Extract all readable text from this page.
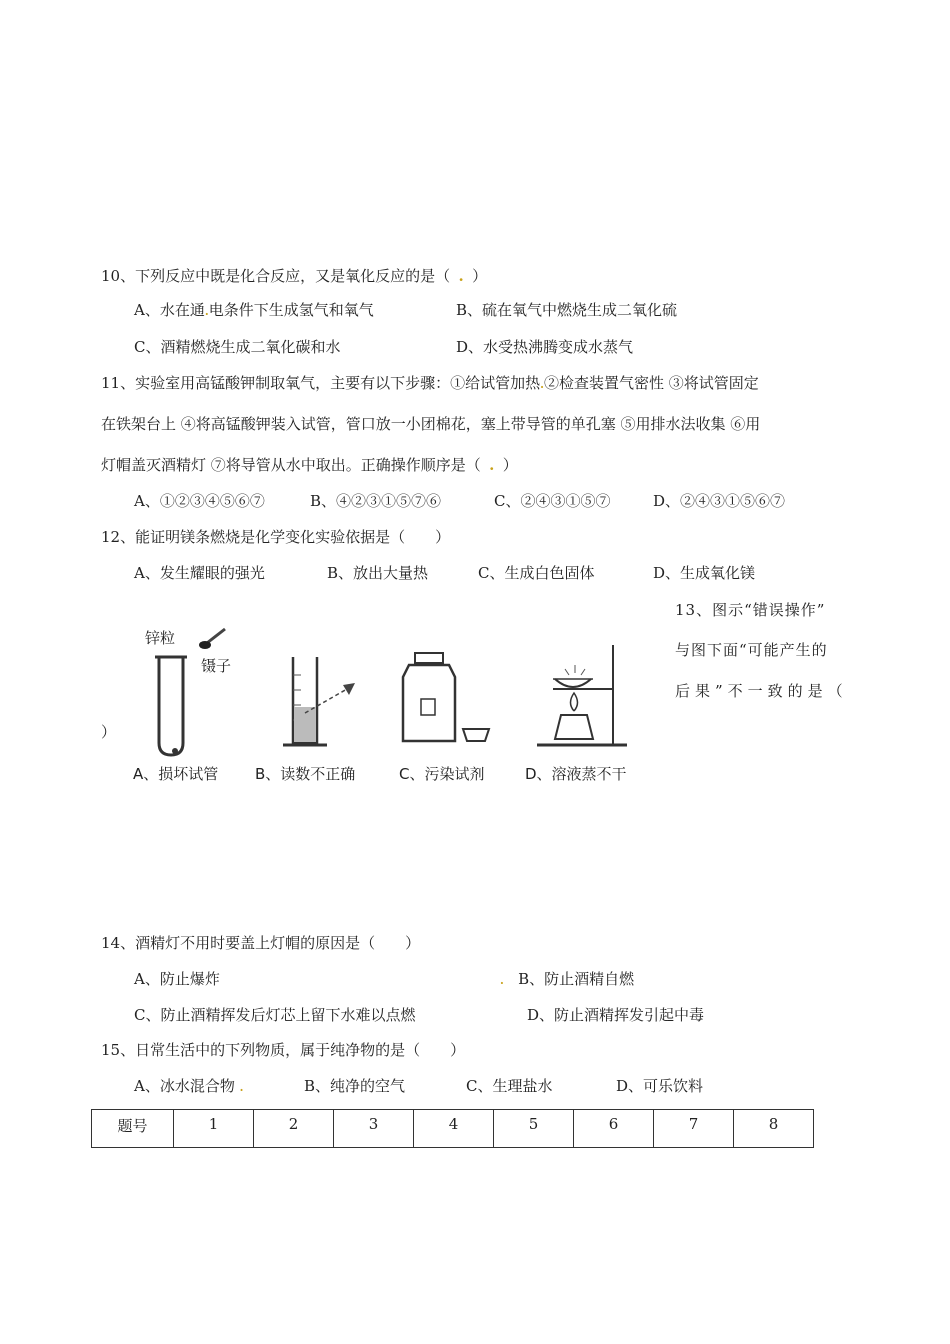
10、下列反应中既是化合反应，又是氧化反应的是（ . ）
A、水在通.电条件下生成氢气和氧气	B、硫在氧气中燃烧生成二氧化硫
C、酒精燃烧生成二氧化碳和水	D、水受热沸腾变成水蒸气
11、实验室用高锰酸钾制取氧气，主要有以下步骤：①给试管加热.②检查装置气密性 ③将试管固定
在铁架台上 ④将高锰酸钾装入试管，管口放一小团棉花，塞上带导管的单孔塞 ⑤用排水法收集 ⑥用
灯帽盖灭酒精灯 ⑦将导管从水中取出。正确操作顺序是（ . ）
A、①②③④⑤⑥⑦	B、④②③①⑤⑦⑥	C、②④③①⑤⑦	D、②④③①⑤⑥⑦
12、能证明镁条燃烧是化学变化实验依据是（　　）
A、发生耀眼的强光	B、放出大量热	C、生成白色固体	D、生成氧化镁
13、图示“错误操作”
与图下面“可能产生的
后果”不一致的是（
）
锌粒
镊子
A、损坏试管 B、读数不正确	C、污染试剂	D、溶液蒸不干
14、酒精灯不用时要盖上灯帽的原因是（　　）
A、防止爆炸	. B、防止酒精自燃
C、防止酒精挥发后灯芯上留下水难以点燃	D、防止酒精挥发引起中毒
15、日常生活中的下列物质，属于纯净物的是（　　）
A、冰水混合物 .	B、纯净的空气	C、生理盐水	D、可乐饮料
题号	1	2	3	4	5	6	7	8
